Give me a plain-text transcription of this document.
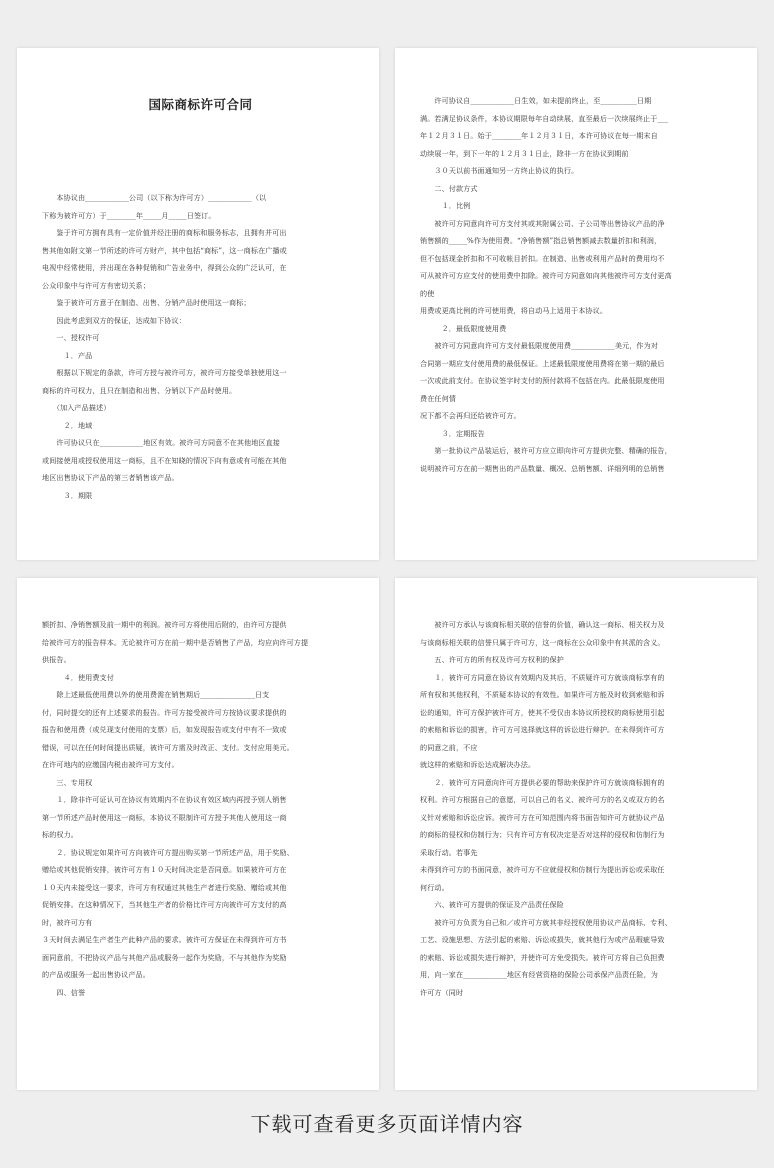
国际商标许可合同

　　本协议由____________公司（以下称为许可方）____________（以

下称为被许可方）于________年_____月_____日签订。

　　鉴于许可方拥有具有一定价值并经注册的商标和服务标志，且拥有并可出

售其他如附文第一节所述的许可方财产，其中包括“商标”，这一商标在广播或

电视中经常使用，并出现在各种促销和广告业务中，得到公众的广泛认可，在

公众印象中与许可方有密切关系；

　　鉴于被许可方意于在制造、出售、分销产品时使用这一商标；

　　因此考虑到双方的保证，达成如下协议：

　　一、授权许可

　　　１．产品

　　根据以下规定的条款，许可方授与被许可方，被许可方接受单独使用这一

商标的许可权力，且只在制造和出售、分销以下产品时使用。

　　（加入产品描述）

　　　２．地域

　　许可协议只在____________地区有效。被许可方同意不在其他地区直接

或间接使用或授权使用这一商标，且不在知晓的情况下向有意或有可能在其他

地区出售协议下产品的第三者销售该产品。

　　　３．期限

　　许可协议自____________日生效，如未提前终止，至__________日期

满。若满足协议条件，本协议期限每年自动续展，直至最后一次续展终止于___

年１２月３１日。始于________年１２月３１日，本许可协议在每一期末自

动续展一年，到下一年的１２月３１日止，除非一方在协议到期前

　　３０天以前书面通知另一方终止协议的执行。

　　二、付款方式

　　　１．比例

　　被许可方同意向许可方支付其或其附属公司、子公司等出售协议产品的净

销售额的_____%作为使用费。“净销售额”指总销售额减去数量折扣和利润，

但不包括现金折扣和不可收帐目折扣。在制造、出售或利用产品时的费用均不

可从被许可方应支付的使用费中扣除。被许可方同意如向其他被许可方支付更高

的使

用费或更高比例的许可使用费，将自动马上适用于本协议。

　　　２．最低限度使用费

　　被许可方同意向许可方支付最低限度使用费____________美元，作为对

合同第一期应支付使用费的最低保证。上述最低限度使用费将在第一期的最后

一次或此前支付。在协议签字时支付的预付款将不包括在内。此最低限度使用

费在任何情

况下都不会再归还给被许可方。

　　　３．定期报告

　　第一批协议产品装运后，被许可方应立即向许可方提供完整、精确的报告，

说明被许可方在前一期售出的产品数量、概况、总销售额、详细列明的总销售

额折扣、净销售额及前一期中的利润。被许可方将使用后附的，由许可方提供

给被许可方的报告样本。无论被许可方在前一期中是否销售了产品，均应向许可方提

供报告。

　　　４．使用费支付

　　除上述最低使用费以外的使用费需在销售期后_______________日支

付，同时提交的还有上述要求的报告。许可方接受被许可方按协议要求提供的

报告和使用费（或兑现支付使用的支票）后，如发现报告或支付中有不一致或

错误，可以在任何时间提出质疑，被许可方需及时改正、支付。支付应用美元。

在许可地内的应缴国内税由被许可方支付。

　　三、专用权

　　１．除非许可证认可在协议有效期内不在协议有效区域内再授予别人销售

第一节所述产品时使用这一商标，本协议不限制许可方授予其他人使用这一商

标的权力。

　　２．协议规定如果许可方向被许可方提出购买第一节所述产品，用于奖励、

赠给或其他促销安排，被许可方有１０天时间决定是否同意。如果被许可方在

１０天内未接受这一要求，许可方有权通过其他生产者进行奖励、赠给或其他

促销安排。在这种情况下，当其他生产者的价格比许可方向被许可方支付的高

时，被许可方有

３天时间去满足生产者生产此种产品的要求。被许可方保证在未得到许可方书

面同意前，不把协议产品与其他产品或服务一起作为奖励，不与其他作为奖励

的产品或服务一起出售协议产品。

　　四、信誉

　　被许可方承认与该商标相关联的信誉的价值，确认这一商标、相关权力及

与该商标相关联的信誉只属于许可方，这一商标在公众印象中有其派的含义。

　　五、许可方的所有权及许可方权利的保护

　　１．被许可方同意在协议有效期内及其后，不质疑许可方就该商标享有的

所有权和其他权利，不质疑本协议的有效性。如果许可方能及时收到索赔和诉

讼的通知，许可方保护被许可方，使其不受仅由本协议所授权的商标使用引起

的索赔和诉讼的损害，许可方可选择就这样的诉讼进行辩护。在未得到许可方

的同意之前，不应

就这样的索赔和诉讼达成解决办法。

　　２．被许可方同意向许可方提供必要的帮助来保护许可方就该商标拥有的

权利。许可方根据自己的意愿，可以自己的名义、被许可方的名义或双方的名

义针对索赔和诉讼应诉。被许可方在可知范围内将书面告知许可方就协议产品

的商标的侵权和仿制行为；只有许可方有权决定是否对这样的侵权和仿制行为

采取行动。若事先

未得到许可方的书面同意，被许可方不应就侵权和仿制行为提出诉讼或采取任

何行动。

　　六、被许可方提供的保证及产品责任保险

　　被许可方负责为自己和／或许可方就其非经授权使用协议产品商标、专利、

工艺、设施思想、方法引起的索赔、诉讼或损失，就其他行为或产品瑕疵导致

的索赔、诉讼或损失进行辩护，并使许可方免受损失。被许可方将自己负担费

用，向一家在____________地区有经营资格的保险公司承保产品责任险，为

许可方（同时

下载可查看更多页面详情内容
